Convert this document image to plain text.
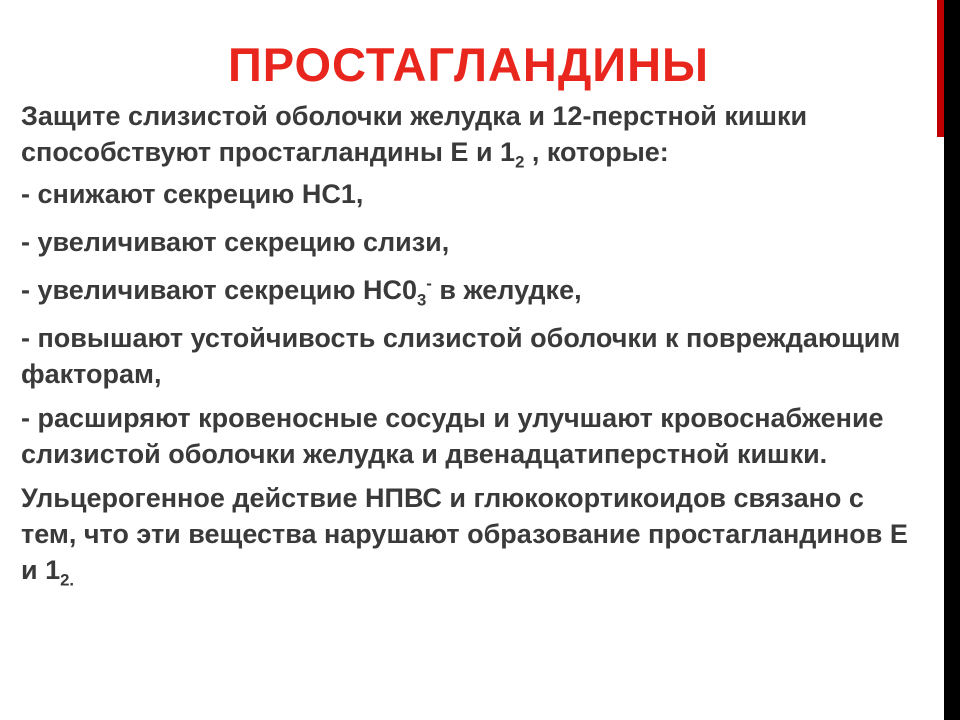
ПРОСТАГЛАНДИНЫ

Защите слизистой оболочки желудка и 12-перстной кишки способствуют простагландины Е и $1_2$ , которые:

- снижают секрецию НС1,

- увеличивают секрецию слизи,

- увеличивают секрецию $НС0_3^-$ в желудке,

- повышают устойчивость слизистой оболочки к повреждающим факторам,

- расширяют кровеносные сосуды и улучшают кровоснабжение слизистой оболочки желудка и двенадцатиперстной кишки.

Ульцерогенное действие НПВС и глюкокортикоидов связано с тем, что эти вещества нарушают образование простагландинов Е и $1_{2.}$
